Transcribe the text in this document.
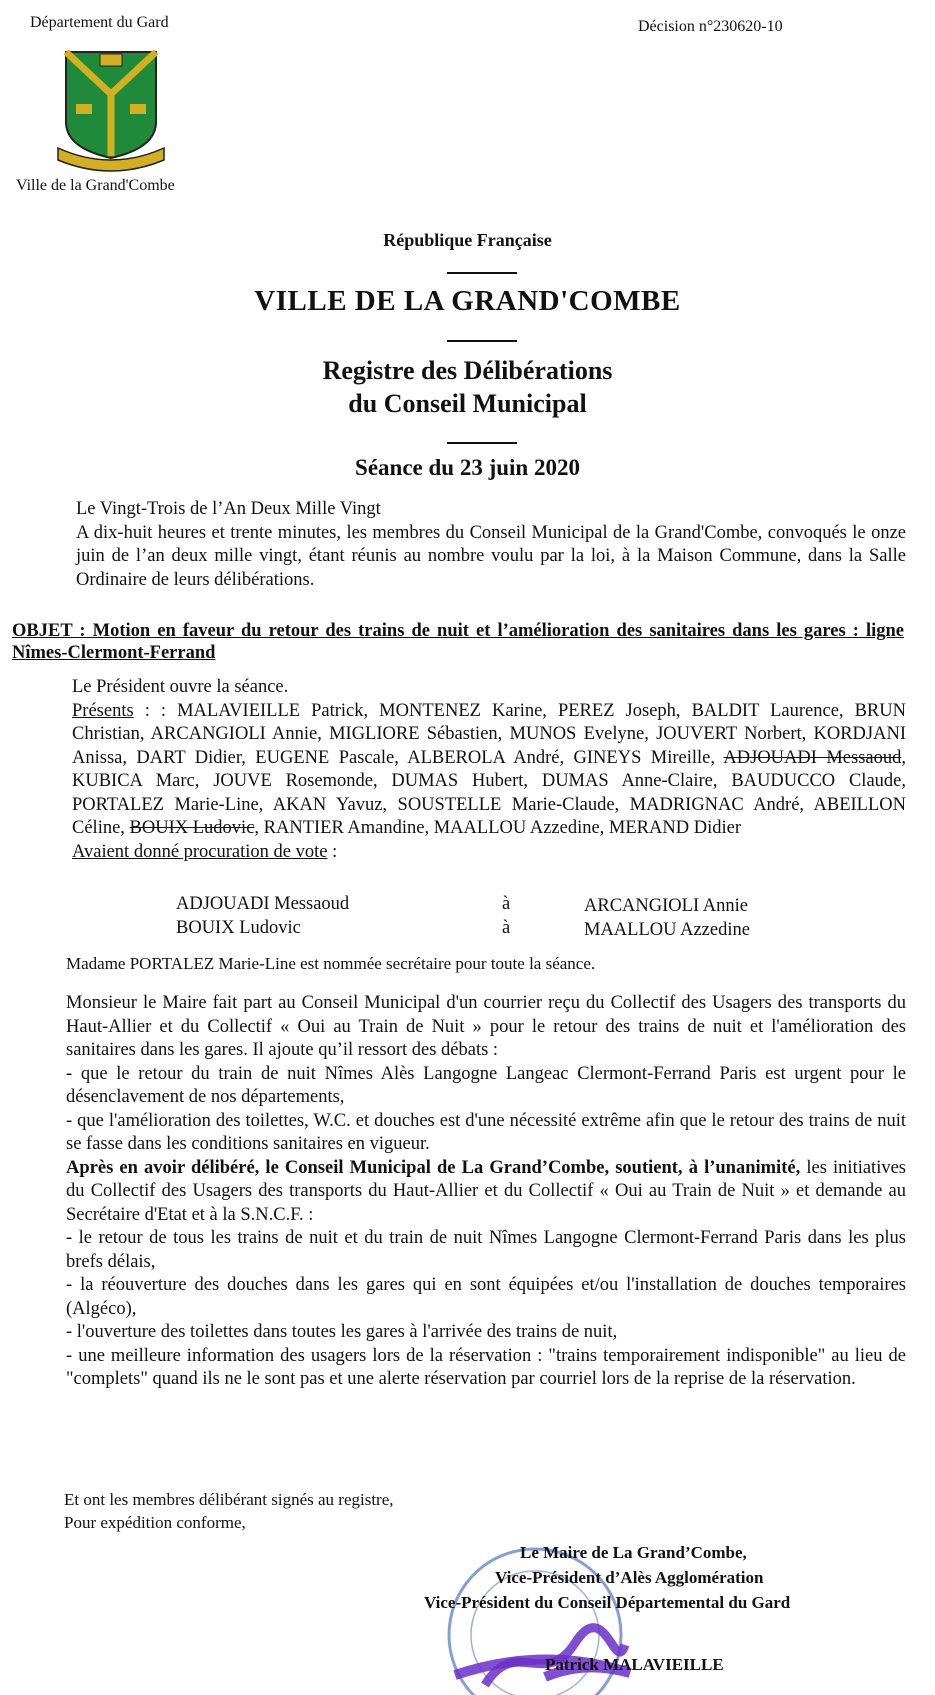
Département du Gard	Décision n°230620-10
Ville de la Grand'Combe
République Française
VILLE DE LA GRAND'COMBE
Registre des Délibérations
du Conseil Municipal
Séance du 23 juin 2020

Le Vingt-Trois de l’An Deux Mille Vingt

A dix-huit heures et trente minutes, les membres du Conseil Municipal de la Grand'Combe, convoqués le onze juin de l’an deux mille vingt, étant réunis au nombre voulu par la loi, à la Maison Commune, dans la Salle Ordinaire de leurs délibérations.

OBJET : Motion en faveur du retour des trains de nuit et l’amélioration des sanitaires dans les gares : ligne Nîmes-Clermont-Ferrand

Le Président ouvre la séance.

Présents : : MALAVIEILLE Patrick, MONTENEZ Karine, PEREZ Joseph, BALDIT Laurence, BRUN Christian, ARCANGIOLI Annie, MIGLIORE Sébastien, MUNOS Evelyne, JOUVERT Norbert, KORDJANI Anissa, DART Didier, EUGENE Pascale, ALBEROLA André, GINEYS Mireille, ADJOUADI Messaoud, KUBICA Marc, JOUVE Rosemonde, DUMAS Hubert, DUMAS Anne-Claire, BAUDUCCO Claude, PORTALEZ Marie-Line, AKAN Yavuz, SOUSTELLE Marie-Claude, MADRIGNAC André, ABEILLON Céline, BOUIX Ludovic, RANTIER Amandine, MAALLOU Azzedine, MERAND Didier

Avaient donné procuration de vote :

ADJOUADI Messaoud	à	ARCANGIOLI Annie
BOUIX Ludovic	à	MAALLOU Azzedine
Madame PORTALEZ Marie-Line est nommée secrétaire pour toute la séance.

Monsieur le Maire fait part au Conseil Municipal d'un courrier reçu du Collectif des Usagers des transports du Haut-Allier et du Collectif « Oui au Train de Nuit » pour le retour des trains de nuit et l'amélioration des sanitaires dans les gares. Il ajoute qu’il ressort des débats :

- que le retour du train de nuit Nîmes Alès Langogne Langeac Clermont-Ferrand Paris est urgent pour le désenclavement de nos départements,

- que l'amélioration des toilettes, W.C. et douches est d'une nécessité extrême afin que le retour des trains de nuit se fasse dans les conditions sanitaires en vigueur.

Après en avoir délibéré, le Conseil Municipal de La Grand’Combe, soutient, à l’unanimité, les initiatives du Collectif des Usagers des transports du Haut-Allier et du Collectif « Oui au Train de Nuit » et demande au Secrétaire d'Etat et à la S.N.C.F. :

- le retour de tous les trains de nuit et du train de nuit Nîmes Langogne Clermont-Ferrand Paris dans les plus brefs délais,

- la réouverture des douches dans les gares qui en sont équipées et/ou l'installation de douches temporaires (Algéco),

- l'ouverture des toilettes dans toutes les gares à l'arrivée des trains de nuit,

- une meilleure information des usagers lors de la réservation : "trains temporairement indisponible" au lieu de "complets" quand ils ne le sont pas et une alerte réservation par courriel lors de la reprise de la réservation.

Et ont les membres délibérant signés au registre,
Pour expédition conforme,
Le Maire de La Grand’Combe,
Vice-Président d’Alès Agglomération
Vice-Président du Conseil Départemental du Gard
Patrick MALAVIEILLE
